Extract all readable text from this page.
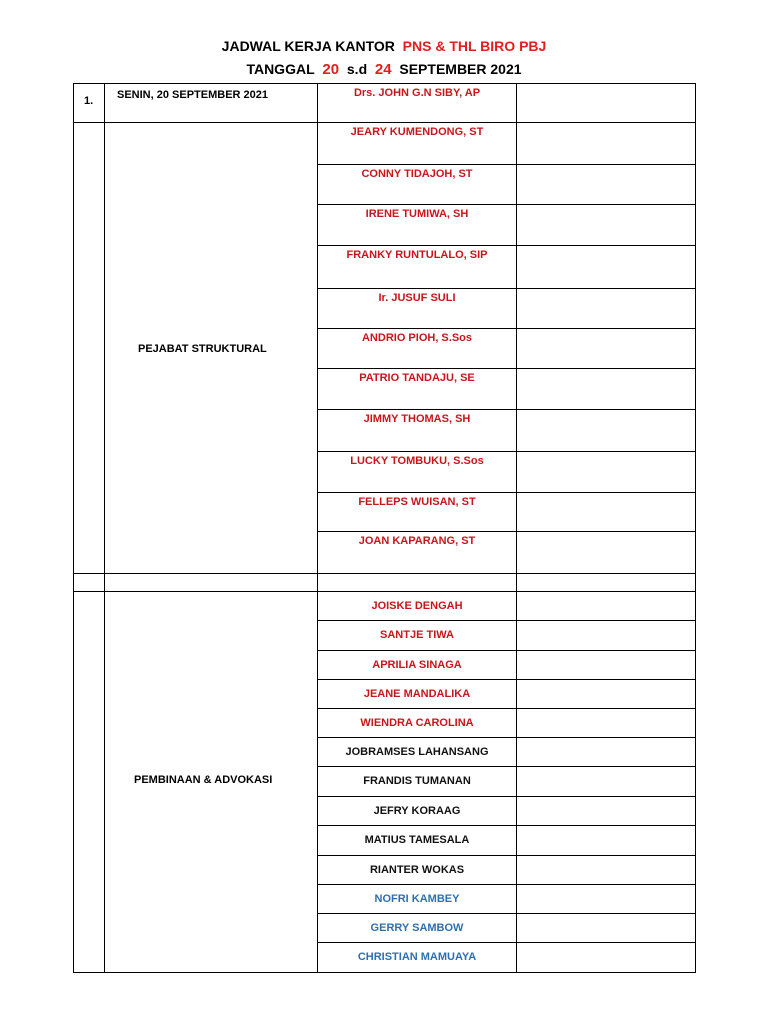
JADWAL KERJA KANTOR PNS & THL BIRO PBJ
TANGGAL 20 s.d 24 SEPTEMBER 2021
1. SENIN, 20 SEPTEMBER 2021
PEJABAT STRUKTURAL
PEMBINAAN & ADVOKASI
Drs. JOHN G.N SIBY, AP
JEARY KUMENDONG, ST
CONNY TIDAJOH, ST
IRENE TUMIWA, SH
FRANKY RUNTULALO, SIP
Ir. JUSUF SULI
ANDRIO PIOH, S.Sos
PATRIO TANDAJU, SE
JIMMY THOMAS, SH
LUCKY TOMBUKU, S.Sos
FELLEPS WUISAN, ST
JOAN KAPARANG, ST
JOISKE DENGAH
SANTJE TIWA
APRILIA SINAGA
JEANE MANDALIKA
WIENDRA CAROLINA
JOBRAMSES LAHANSANG
FRANDIS TUMANAN
JEFRY KORAAG
MATIUS TAMESALA
RIANTER WOKAS
NOFRI KAMBEY
GERRY SAMBOW
CHRISTIAN MAMUAYA
